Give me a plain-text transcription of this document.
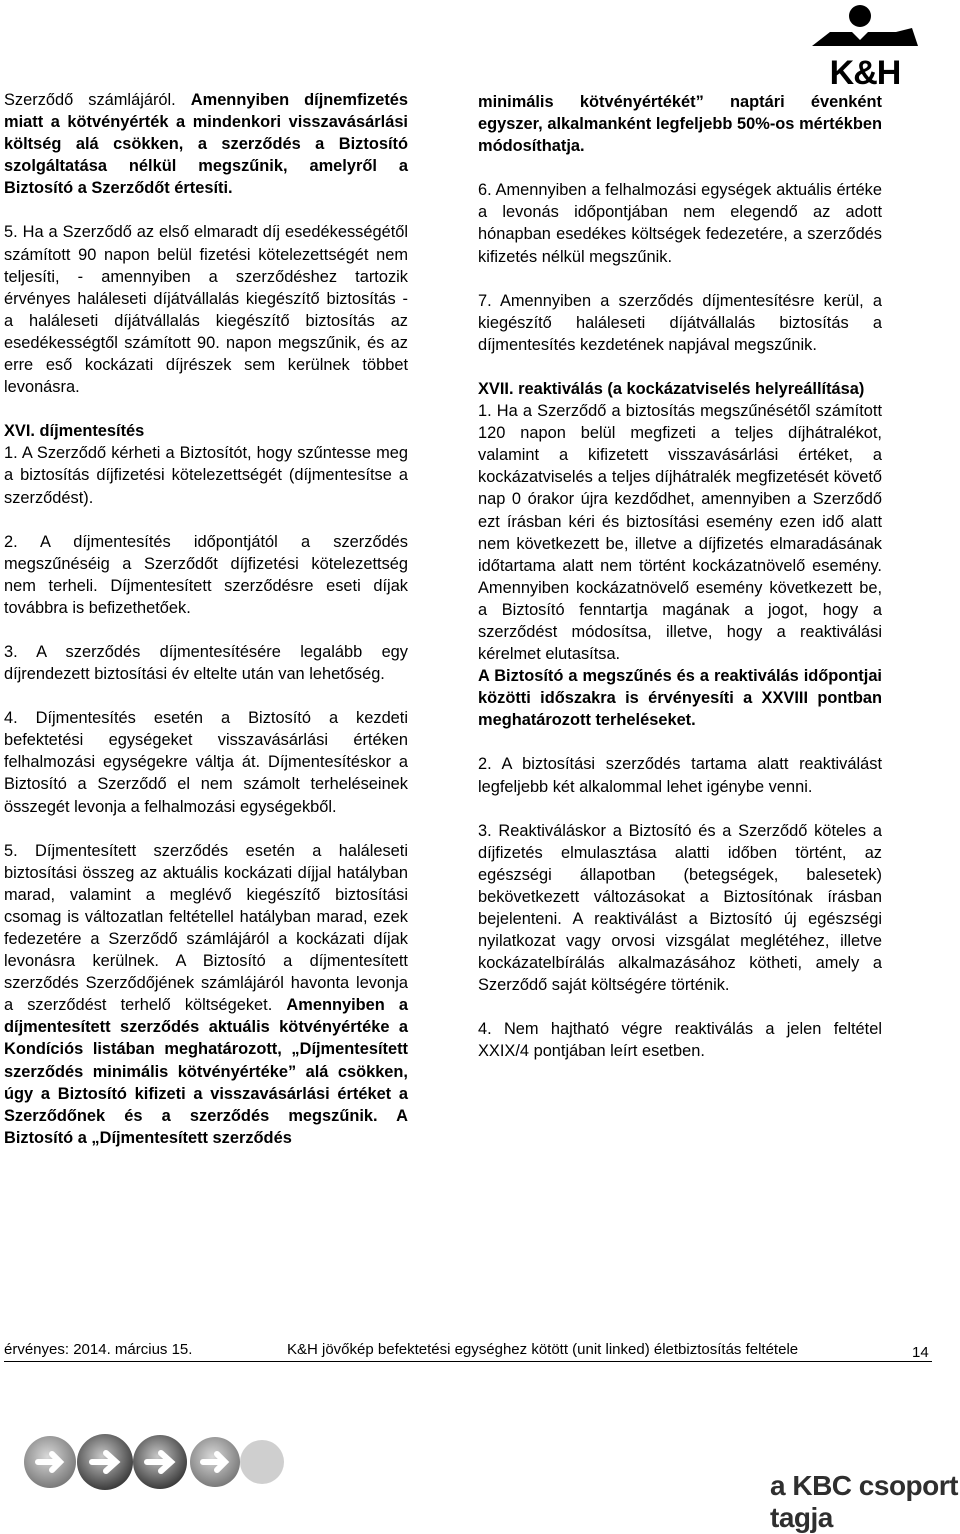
K&H

Szerződő számlájáról. Amennyiben díjnemfizetés miatt a kötvényérték a mindenkori visszavásárlási költség alá csökken, a szerződés a Biztosító szolgáltatása nélkül megszűnik, amelyről a Biztosító a Szerződőt értesíti.

5. Ha a Szerződő az első elmaradt díj esedékességétől számított 90 napon belül fizetési kötelezettségét nem teljesíti, - amennyiben a szerződéshez tartozik érvényes haláleseti díjátvállalás kiegészítő biztosítás - a haláleseti díjátvállalás kiegészítő biztosítás az esedékességtől számított 90. napon megszűnik, és az erre eső kockázati díjrészek sem kerülnek többet levonásra.

XVI. díjmentesítés

1. A Szerződő kérheti a Biztosítót, hogy szűntesse meg a biztosítás díjfizetési kötelezettségét (díjmentesítse a szerződést).

2. A díjmentesítés időpontjától a szerződés megszűnéséig a Szerződőt díjfizetési kötelezettség nem terheli. Díjmentesített szerződésre eseti díjak továbbra is befizethetőek.

3. A szerződés díjmentesítésére legalább egy díjrendezett biztosítási év eltelte után van lehetőség.

4. Díjmentesítés esetén a Biztosító a kezdeti befektetési egységeket visszavásárlási értéken felhalmozási egységekre váltja át. Díjmentesítéskor a Biztosító a Szerződő el nem számolt terheléseinek összegét levonja a felhalmozási egységekből.

5. Díjmentesített szerződés esetén a haláleseti biztosítási összeg az aktuális kockázati díjjal hatályban marad, valamint a meglévő kiegészítő biztosítási csomag is változatlan feltétellel hatályban marad, ezek fedezetére a Szerződő számlájáról a kockázati díjak levonásra kerülnek. A Biztosító a díjmentesített szerződés Szerződőjének számlájáról havonta levonja a szerződést terhelő költségeket. Amennyiben a díjmentesített szerződés aktuális kötvényértéke a Kondíciós listában meghatározott, „Díjmentesített szerződés minimális kötvényértéke” alá csökken, úgy a Biztosító kifizeti a visszavásárlási értéket a Szerződőnek és a szerződés megszűnik. A Biztosító a „Díjmentesített szerződés

minimális kötvényértékét” naptári évenként egyszer, alkalmanként legfeljebb 50%-os mértékben módosíthatja.

6. Amennyiben a felhalmozási egységek aktuális értéke a levonás időpontjában nem elegendő az adott hónapban esedékes költségek fedezetére, a szerződés kifizetés nélkül megszűnik.

7. Amennyiben a szerződés díjmentesítésre kerül, a kiegészítő haláleseti díjátvállalás biztosítás a díjmentesítés kezdetének napjával megszűnik.

XVII. reaktiválás (a kockázatviselés helyreállítása)

1. Ha a Szerződő a biztosítás megszűnésétől számított 120 napon belül megfizeti a teljes díjhátralékot, valamint a kifizetett visszavásárlási értéket, a kockázatviselés a teljes díjhátralék megfizetését követő nap 0 órakor újra kezdődhet, amennyiben a Szerződő ezt írásban kéri és biztosítási esemény ezen idő alatt nem következett be, illetve a díjfizetés elmaradásának időtartama alatt nem történt kockázatnövelő esemény. Amennyiben kockázatnövelő esemény következett be, a Biztosító fenntartja magának a jogot, hogy a szerződést módosítsa, illetve, hogy a reaktiválási kérelmet elutasítsa.

A Biztosító a megszűnés és a reaktiválás időpontjai közötti időszakra is érvényesíti a XXVIII pontban meghatározott terheléseket.

2. A biztosítási szerződés tartama alatt reaktiválást legfeljebb két alkalommal lehet igénybe venni.

3. Reaktiváláskor a Biztosító és a Szerződő köteles a díjfizetés elmulasztása alatti időben történt, az egészségi állapotban (betegségek, balesetek) bekövetkezett változásokat a Biztosítónak írásban bejelenteni. A reaktiválást a Biztosító új egészségi nyilatkozat vagy orvosi vizsgálat meglétéhez, illetve kockázatelbírálás alkalmazásához kötheti, amely a Szerződő saját költségére történik.

4. Nem hajtható végre reaktiválás a jelen feltétel XXIX/4 pontjában leírt esetben.

érvényes: 2014. március 15.	K&H jövőkép befektetési egységhez kötött (unit linked) életbiztosítás feltétele	14
a KBC csoport tagja
